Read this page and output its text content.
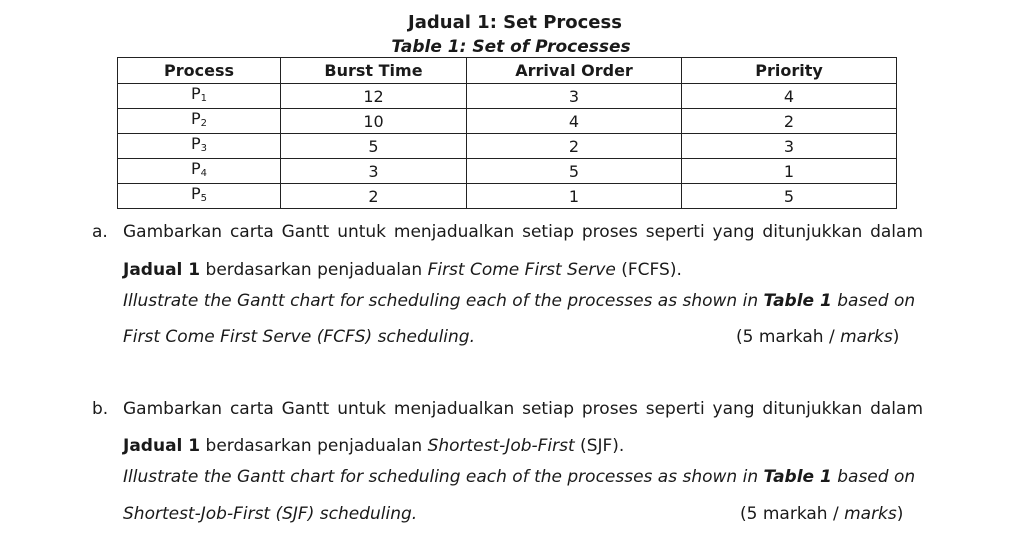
Jadual 1: Set Process
Table 1: Set of Processes
Process	Burst Time	Arrival Order	Priority
$P_1$	12	3	4
$P_2$	10	4	2
$P_3$	5	2	3
$P_4$	3	5	1
$P_5$	2	1	5
a. Gambarkan carta Gantt untuk menjadualkan setiap proses seperti yang ditunjukkan dalam
Jadual 1 berdasarkan penjadualan First Come First Serve (FCFS).
Illustrate the Gantt chart for scheduling each of the processes as shown in Table 1 based on
First Come First Serve (FCFS) scheduling.	(5 markah / marks)
b. Gambarkan carta Gantt untuk menjadualkan setiap proses seperti yang ditunjukkan dalam
Jadual 1 berdasarkan penjadualan Shortest-Job-First (SJF).
Illustrate the Gantt chart for scheduling each of the processes as shown in Table 1 based on
Shortest-Job-First (SJF) scheduling.	(5 markah / marks)
